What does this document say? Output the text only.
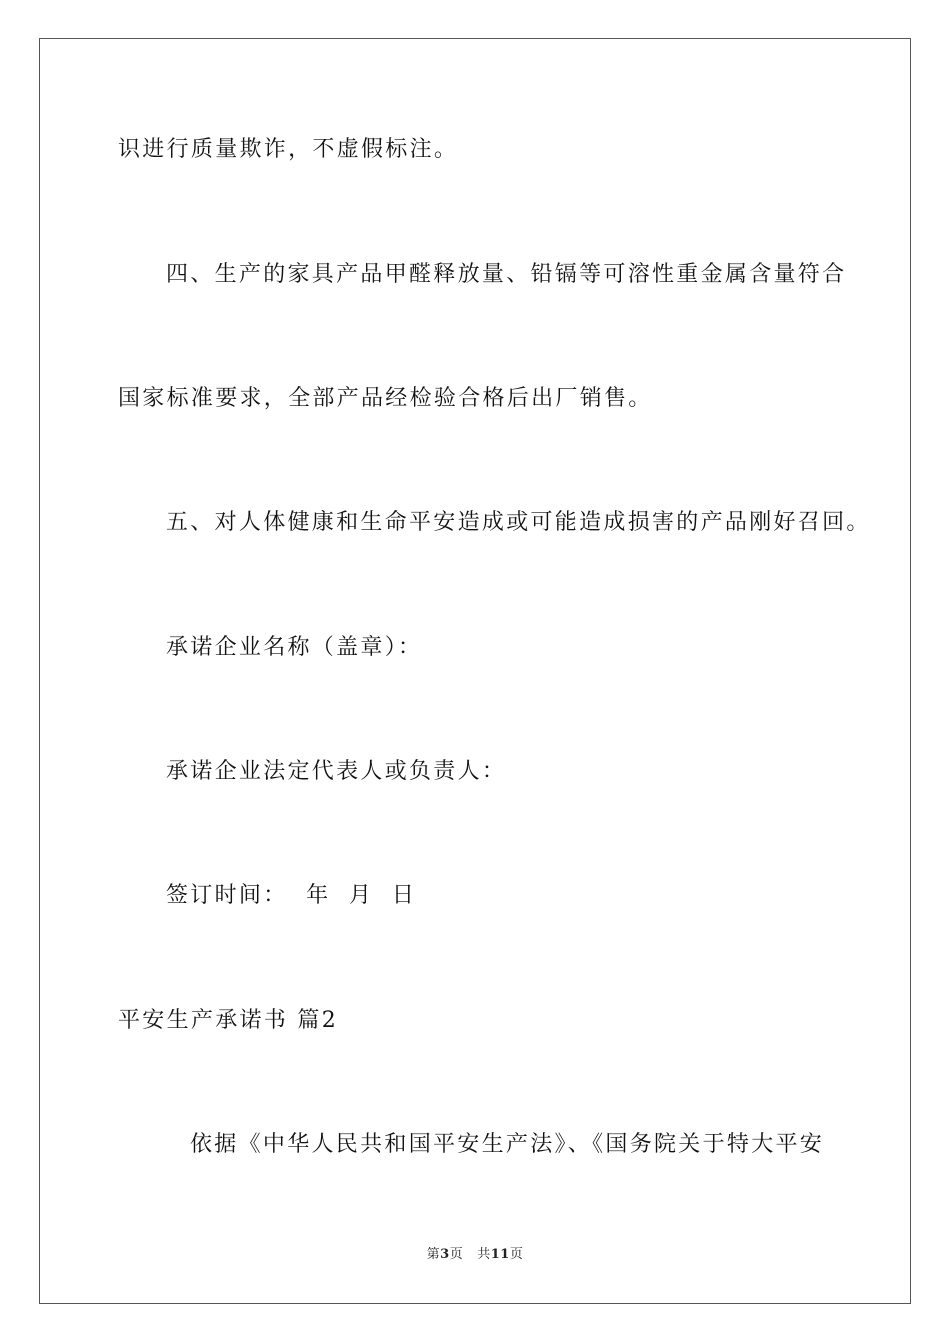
识进行质量欺诈，不虚假标注。
四、生产的家具产品甲醛释放量、铅镉等可溶性重金属含量符合
国家标准要求，全部产品经检验合格后出厂销售。
五、对人体健康和生命平安造成或可能造成损害的产品刚好召回。
承诺企业名称（盖章）：
承诺企业法定代表人或负责人：
签订时间：  年  月  日
平安生产承诺书 篇2
依据《中华人民共和国平安生产法》、《国务院关于特大平安
第3页 共11页
